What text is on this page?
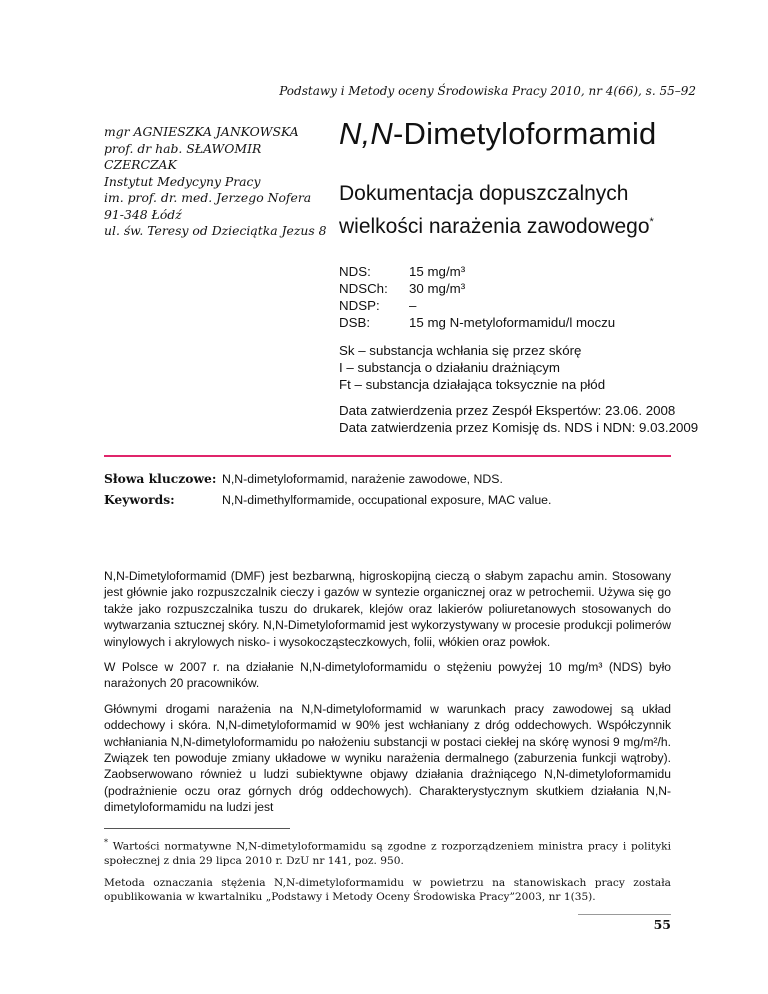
Podstawy i Metody oceny Środowiska Pracy 2010, nr 4(66), s. 55–92
mgr AGNIESZKA JANKOWSKA
prof. dr hab. SŁAWOMIR
CZERCZAK
Instytut Medycyny Pracy
im. prof. dr. med. Jerzego Nofera
91-348 Łódź
ul. św. Teresy od Dzieciątka Jezus 8
N,N-Dimetyloformamid
Dokumentacja dopuszczalnych
wielkości narażenia zawodowego*
NDS:	15 mg/m³
NDSCh: 30 mg/m³
NDSP: –
DSB:	15 mg N-metyloformamidu/l moczu
Sk – substancja wchłania się przez skórę
I – substancja o działaniu drażniącym
Ft – substancja działająca toksycznie na płód
Data zatwierdzenia przez Zespół Ekspertów: 23.06. 2008
Data zatwierdzenia przez Komisję ds. NDS i NDN: 9.03.2009
Słowa kluczowe: N,N-dimetyloformamid, narażenie zawodowe, NDS.
Keywords:	N,N-dimethylformamide, occupational exposure, MAC value.

N,N-Dimetyloformamid (DMF) jest bezbarwną, higroskopijną cieczą o słabym zapachu amin. Stosowany jest głównie jako rozpuszczalnik cieczy i gazów w syntezie organicznej oraz w petrochemii. Używa się go także jako rozpuszczalnika tuszu do drukarek, klejów oraz lakierów poliuretanowych stosowanych do wytwarzania sztucznej skóry. N,N-Dimetyloformamid jest wykorzystywany w procesie produkcji polimerów winylowych i akrylowych nisko- i wysokocząsteczkowych, folii, włókien oraz powłok.

W Polsce w 2007 r. na działanie N,N-dimetyloformamidu o stężeniu powyżej 10 mg/m³ (NDS) było narażonych 20 pracowników.

Głównymi drogami narażenia na N,N-dimetyloformamid w warunkach pracy zawodowej są układ oddechowy i skóra. N,N-dimetyloformamid w 90% jest wchłaniany z dróg oddechowych. Współczynnik wchłaniania N,N-dimetyloformamidu po nałożeniu substancji w postaci ciekłej na skórę wynosi 9 mg/m²/h. Związek ten powoduje zmiany układowe w wyniku narażenia dermalnego (zaburzenia funkcji wątroby). Zaobserwowano również u ludzi subiektywne objawy działania drażniącego N,N-dimetyloformamidu (podrażnienie oczu oraz górnych dróg oddechowych). Charakterystycznym skutkiem działania N,N-dimetyloformamidu na ludzi jest

* Wartości normatywne N,N-dimetyloformamidu są zgodne z rozporządzeniem ministra pracy i polityki społecznej z dnia 29 lipca 2010 r. DzU nr 141, poz. 950.

Metoda oznaczania stężenia N,N-dimetyloformamidu w powietrzu na stanowiskach pracy została opublikowania w kwartalniku „Podstawy i Metody Oceny Środowiska Pracy”2003, nr 1(35).

55
